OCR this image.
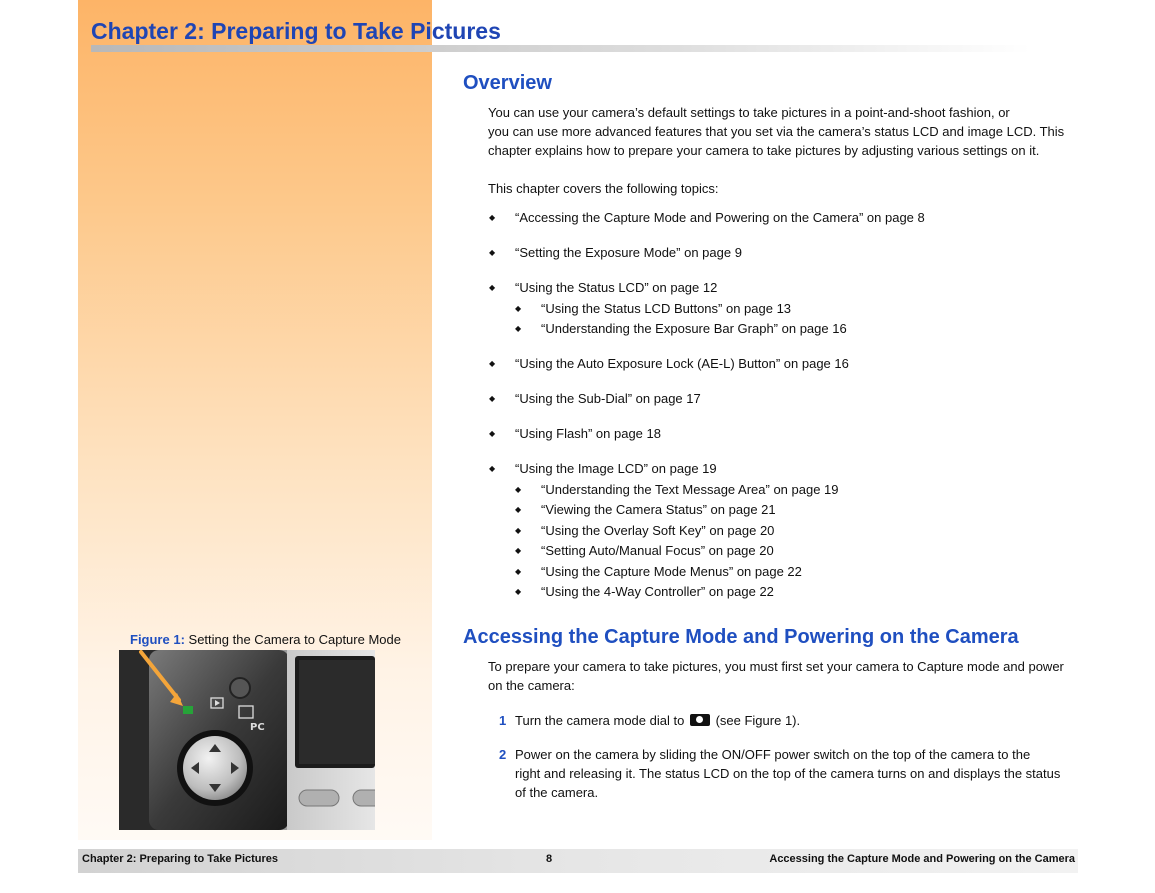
Chapter 2: Preparing to Take Pictures
Overview

You can use your camera’s default settings to take pictures in a point-and-shoot fashion, or
you can use more advanced features that you set via the camera’s status LCD and image LCD. This
chapter explains how to prepare your camera to take pictures by adjusting various settings on it.

This chapter covers the following topics:

◆ “Accessing the Capture Mode and Powering on the Camera” on page 8
◆ “Setting the Exposure Mode” on page 9
◆ “Using the Status LCD” on page 12
◆ “Using the Status LCD Buttons” on page 13
◆ “Understanding the Exposure Bar Graph” on page 16
◆ “Using the Auto Exposure Lock (AE-L) Button” on page 16
◆ “Using the Sub-Dial” on page 17
◆ “Using Flash” on page 18
◆ “Using the Image LCD” on page 19
◆ “Understanding the Text Message Area” on page 19
◆ “Viewing the Camera Status” on page 21
◆ “Using the Overlay Soft Key” on page 20
◆ “Setting Auto/Manual Focus” on page 20
◆ “Using the Capture Mode Menus” on page 22
◆ “Using the 4-Way Controller” on page 22
Accessing the Capture Mode and Powering on the Camera

To prepare your camera to take pictures, you must first set your camera to Capture mode and power
on the camera:

1 Turn the camera mode dial to (see Figure 1).
2 Power on the camera by sliding the ON/OFF power switch on the top of the camera to the
right and releasing it. The status LCD on the top of the camera turns on and displays the status
of the camera.

Figure 1: Setting the Camera to Capture Mode

PC
Chapter 2: Preparing to Take Pictures	8	Accessing the Capture Mode and Powering on the Camera
